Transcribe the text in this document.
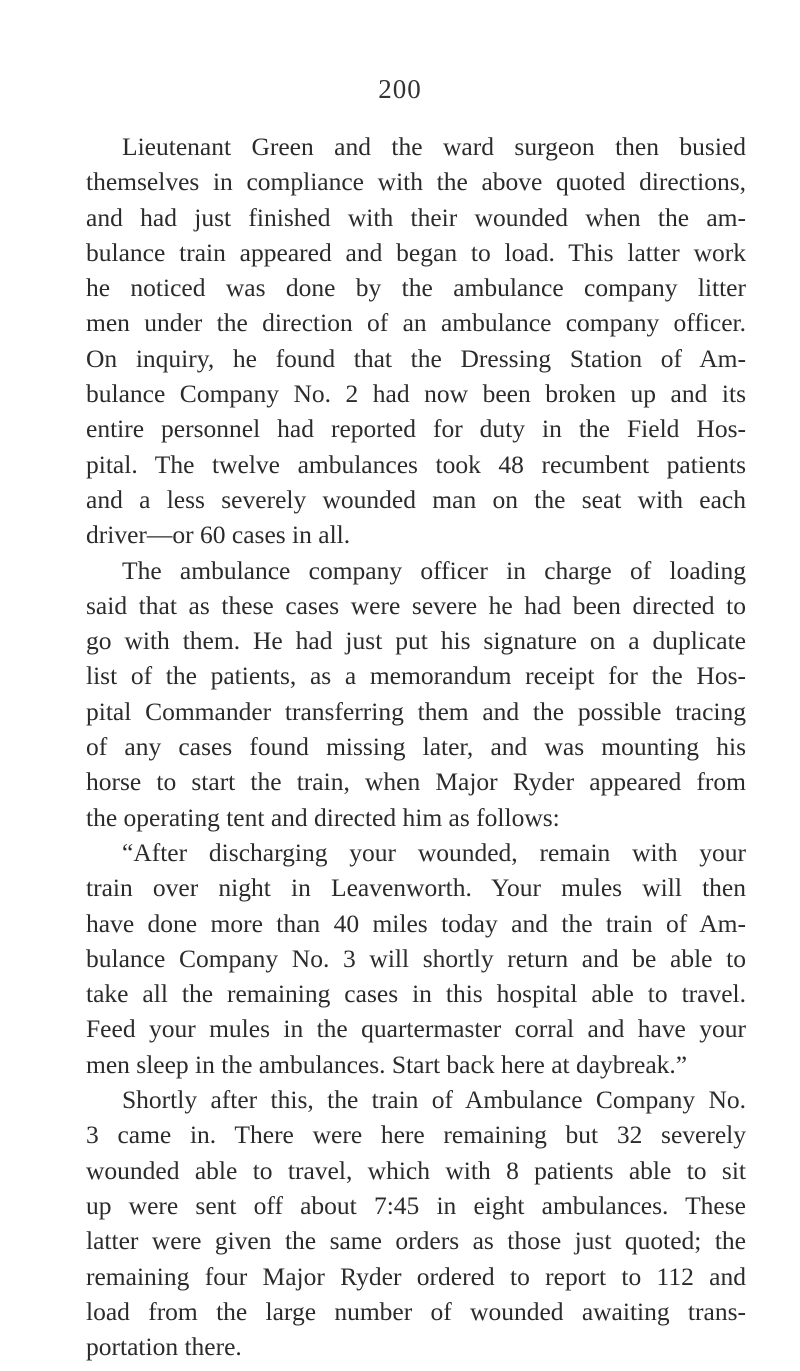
200
Lieutenant Green and the ward surgeon then busied
themselves in compliance with the above quoted directions,
and had just finished with their wounded when the am-
bulance train appeared and began to load. This latter work
he noticed was done by the ambulance company litter
men under the direction of an ambulance company officer.
On inquiry, he found that the Dressing Station of Am-
bulance Company No. 2 had now been broken up and its
entire personnel had reported for duty in the Field Hos-
pital. The twelve ambulances took 48 recumbent patients
and a less severely wounded man on the seat with each
driver—or 60 cases in all.
The ambulance company officer in charge of loading
said that as these cases were severe he had been directed to
go with them. He had just put his signature on a duplicate
list of the patients, as a memorandum receipt for the Hos-
pital Commander transferring them and the possible tracing
of any cases found missing later, and was mounting his
horse to start the train, when Major Ryder appeared from
the operating tent and directed him as follows:
“After discharging your wounded, remain with your
train over night in Leavenworth. Your mules will then
have done more than 40 miles today and the train of Am-
bulance Company No. 3 will shortly return and be able to
take all the remaining cases in this hospital able to travel.
Feed your mules in the quartermaster corral and have your
men sleep in the ambulances. Start back here at daybreak.”
Shortly after this, the train of Ambulance Company No.
3 came in. There were here remaining but 32 severely
wounded able to travel, which with 8 patients able to sit
up were sent off about 7:45 in eight ambulances. These
latter were given the same orders as those just quoted; the
remaining four Major Ryder ordered to report to 112 and
load from the large number of wounded awaiting trans-
portation there.
